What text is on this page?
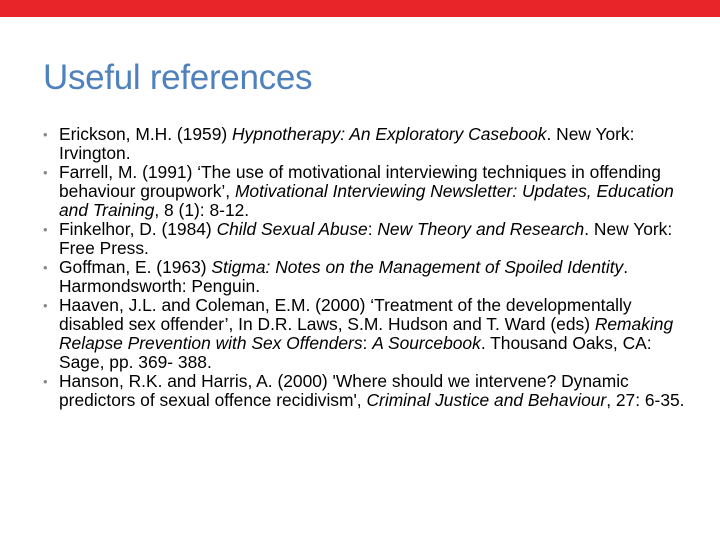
Useful references
• Erickson, M.H. (1959) Hypnotherapy: An Exploratory Casebook. New York: Irvington.
• Farrell, M. (1991) ‘The use of motivational interviewing techniques in offending behaviour groupwork’, Motivational Interviewing Newsletter: Updates, Education and Training, 8 (1): 8-12.
• Finkelhor, D. (1984) Child Sexual Abuse: New Theory and Research. New York: Free Press.
• Goffman, E. (1963) Stigma: Notes on the Management of Spoiled Identity. Harmondsworth: Penguin.
• Haaven, J.L. and Coleman, E.M. (2000) ‘Treatment of the developmentally disabled sex offender’, In D.R. Laws, S.M. Hudson and T. Ward (eds) Remaking Relapse Prevention with Sex Offenders: A Sourcebook. Thousand Oaks, CA: Sage, pp. 369- 388.
• Hanson, R.K. and Harris, A. (2000) 'Where should we intervene? Dynamic predictors of sexual offence recidivism', Criminal Justice and Behaviour, 27: 6-35.
